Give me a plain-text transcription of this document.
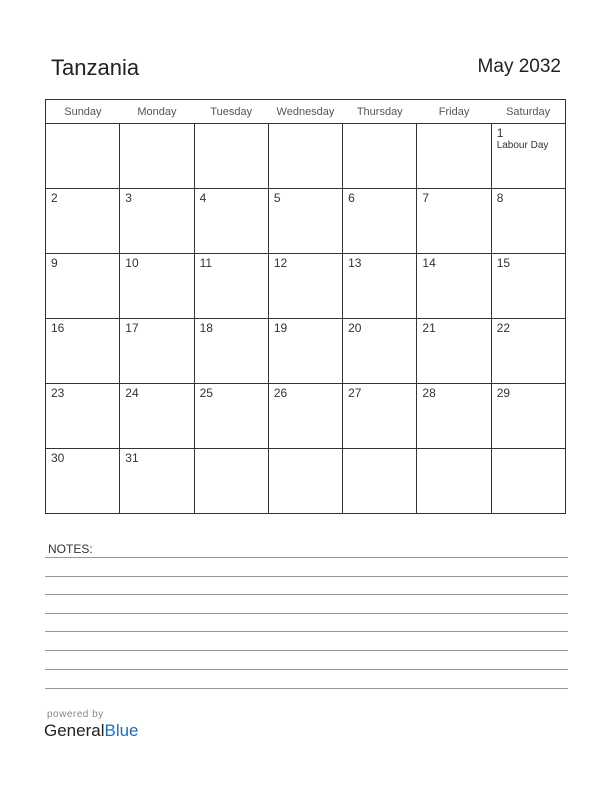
Tanzania	May 2032
Sunday	Monday	Tuesday	Wednesday	Thursday	Friday	Saturday

						1
Labour Day

2	3	4	5	6	7	8

9	10	11	12	13	14	15

16	17	18	19	20	21	22

23	24	25	26	27	28	29

30	31					

NOTES:
powered by
GeneralBlue
